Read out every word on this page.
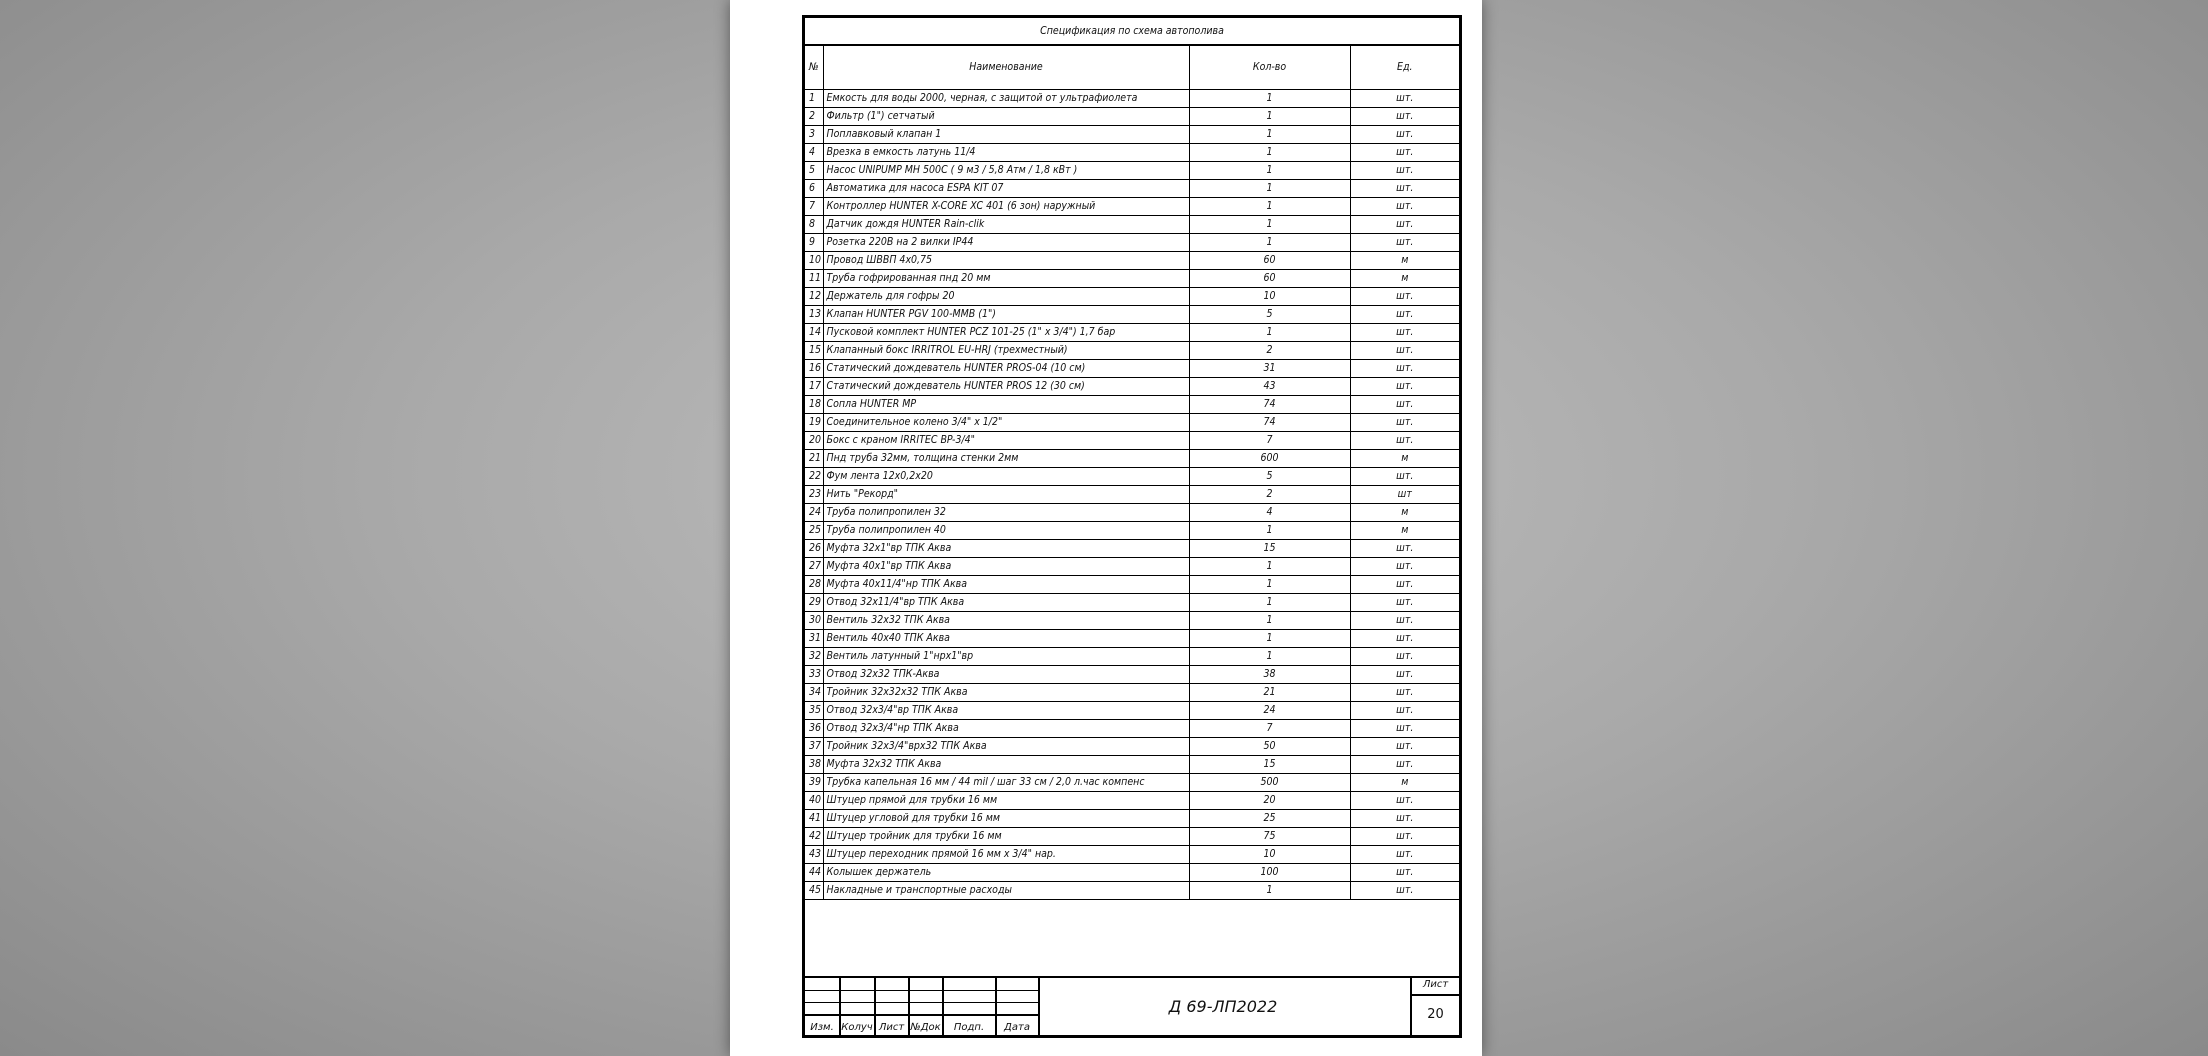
Спецификация по схема автополива			
№	Наименование	Кол-во	Ед.
1	Емкость для воды 2000, черная, с защитой от ультрафиолета	1	шт.
2	Фильтр (1") сетчатый	1	шт.
3	Поплавковый клапан 1	1	шт.
4	Врезка в емкость латунь 11/4	1	шт.
5	Насос UNIPUMP MH 500C ( 9 м3 / 5,8 Атм / 1,8 кВт )	1	шт.
6	Автоматика для насоса ESPA KIT 07	1	шт.
7	Контроллер HUNTER X-CORE XC 401 (6 зон) наружный	1	шт.
8	Датчик дождя HUNTER Rain-clik	1	шт.
9	Розетка 220В на 2 вилки IP44	1	шт.
10	Провод ШВВП 4х0,75	60	м
11	Труба гофрированная пнд 20 мм	60	м
12	Держатель для гофры 20	10	шт.
13	Клапан HUNTER PGV 100-MMB (1")	5	шт.
14	Пусковой комплект HUNTER PCZ 101-25 (1" х 3/4") 1,7 бар	1	шт.
15	Клапанный бокс IRRITROL EU-HRJ (трехместный)	2	шт.
16	Статический дождеватель HUNTER PROS-04 (10 см)	31	шт.
17	Статический дождеватель HUNTER PROS 12 (30 см)	43	шт.
18	Сопла HUNTER MP	74	шт.
19	Соединительное колено 3/4" х 1/2"	74	шт.
20	Бокс с краном IRRITEC BP-3/4"	7	шт.
21	Пнд труба 32мм, толщина стенки 2мм	600	м
22	Фум лента 12х0,2х20	5	шт.
23	Нить "Рекорд"	2	шт
24	Труба полипропилен 32	4	м
25	Труба полипропилен 40	1	м
26	Муфта 32х1"вр ТПК Аква	15	шт.
27	Муфта 40х1"вр ТПК Аква	1	шт.
28	Муфта 40х11/4"нр ТПК Аква	1	шт.
29	Отвод 32х11/4"вр ТПК Аква	1	шт.
30	Вентиль 32х32 ТПК Аква	1	шт.
31	Вентиль 40х40 ТПК Аква	1	шт.
32	Вентиль латунный 1"нрх1"вр	1	шт.
33	Отвод 32х32 ТПК-Аква	38	шт.
34	Тройник 32х32х32 ТПК Аква	21	шт.
35	Отвод 32х3/4"вр ТПК Аква	24	шт.
36	Отвод 32х3/4"нр ТПК Аква	7	шт.
37	Тройник 32х3/4"врх32 ТПК Аква	50	шт.
38	Муфта 32х32 ТПК Аква	15	шт.
39	Трубка капельная 16 мм / 44 mil / шаг 33 см / 2,0 л.час компенс	500	м
40	Штуцер прямой для трубки 16 мм	20	шт.
41	Штуцер угловой для трубки 16 мм	25	шт.
42	Штуцер тройник для трубки 16 мм	75	шт.
43	Штуцер переходник прямой 16 мм х 3/4" нар.	10	шт.
44	Колышек держатель	100	шт.
45	Накладные и транспортные расходы	1	шт.
Изм. Колуч Лист №Док	Подп.	Дата
Д 69-ЛП2022
Лист
20
